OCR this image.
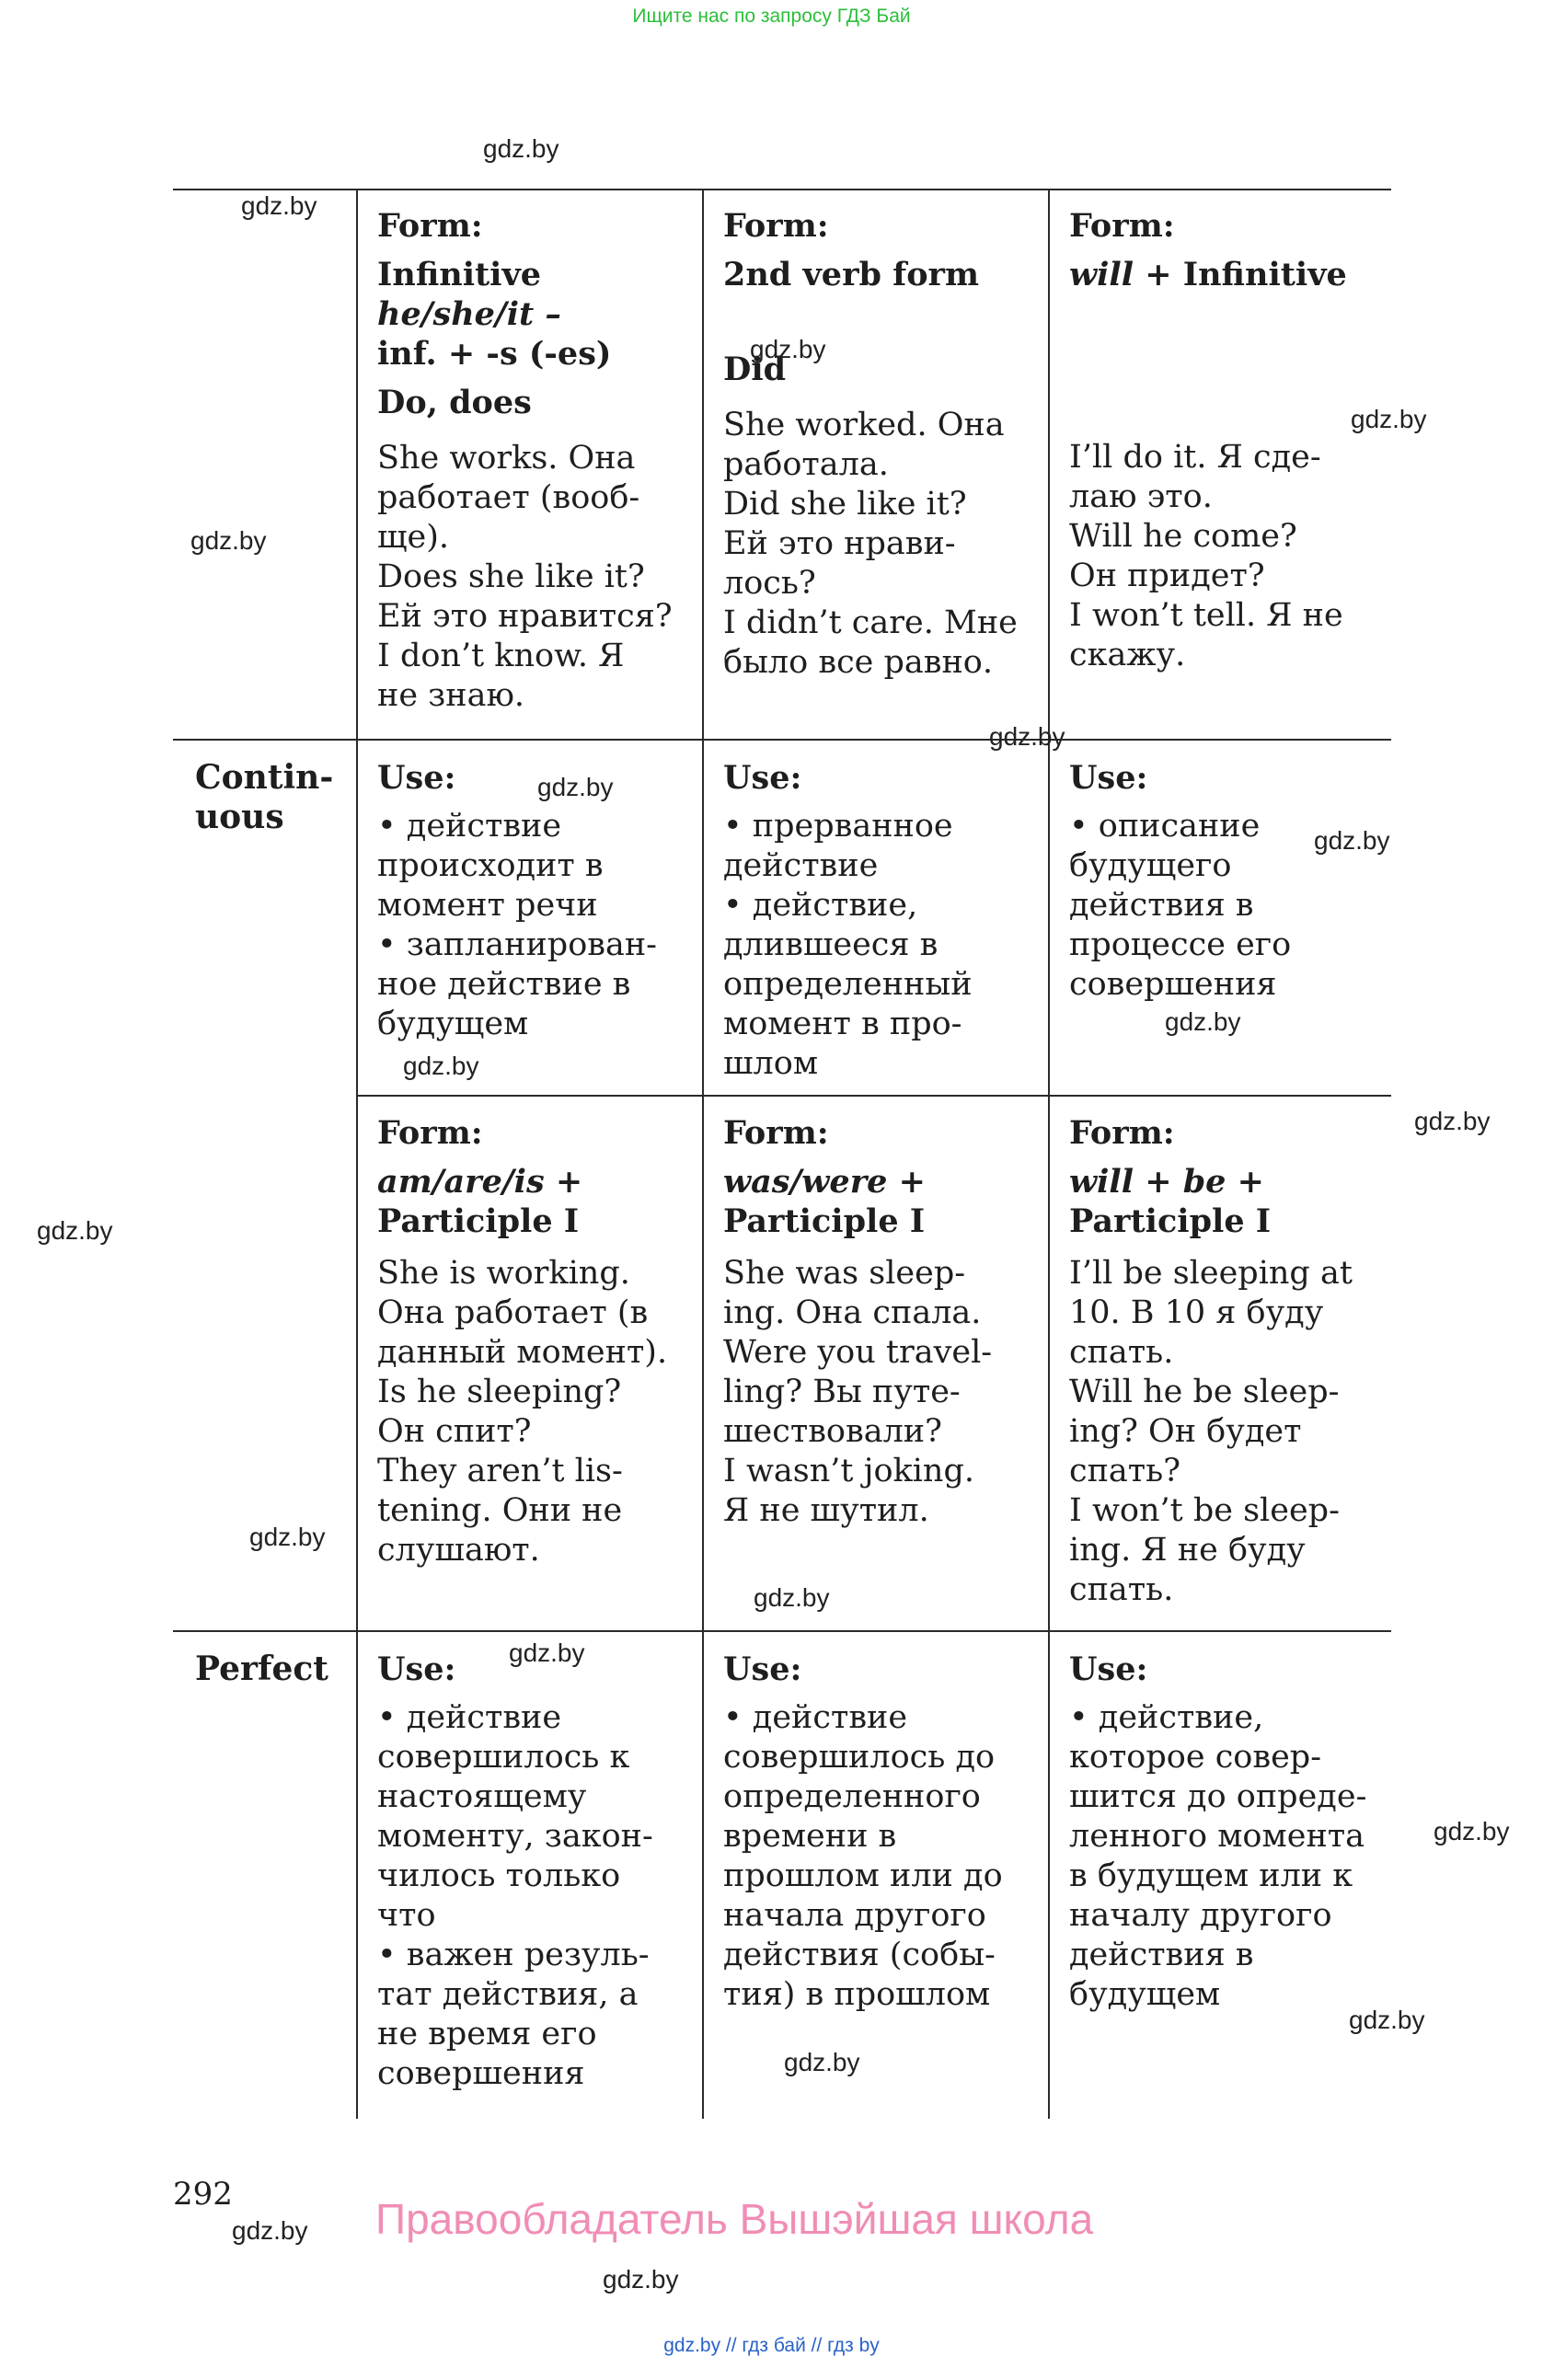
Ищите нас по запросу ГДЗ Бай
gdz.by // гдз бай // гдз by
Form:
Infinitive
he/she/it –
inf. + -s (-es)
Do, does
She works. Она
работает (вооб-
ще).
Does she like it?
Ей это нравится?
I don’t know. Я
не знаю.
Form:
2nd verb form
Did
She worked. Она
работала.
Did she like it?
Ей это нрави-
лось?
I didn’t care. Мне
было все равно.
Form:
will + Infinitive
I’ll do it. Я сде-
лаю это.
Will he come?
Он придет?
I won’t tell. Я не
скажу.
Contin-
uous
Use:
• действие
происходит в
момент речи
• запланирован-
ное действие в
будущем
Use:
• прерванное
действие
• действие,
длившееся в
определенный
момент в про-
шлом
Use:
• описание
будущего
действия в
процессе его
совершения
Form:
am/are/is +
Participle I
She is working.
Она работает (в
данный момент).
Is he sleeping?
Он спит?
They aren’t lis-
tening. Они не
слушают.
Form:
was/were +
Participle I
She was sleep-
ing. Она спала.
Were you travel-
ling? Вы путе-
шествовали?
I wasn’t joking.
Я не шутил.
Form:
will + be +
Participle I
I’ll be sleeping at
10. В 10 я буду
спать.
Will he be sleep-
ing? Он будет
спать?
I won’t be sleep-
ing. Я не буду
спать.
Perfect Use:
• действие
совершилось к
настоящему
моменту, закон-
чилось только
что
• важен резуль-
тат действия, а
не время его
совершения
Use:
• действие
совершилось до
определенного
времени в
прошлом или до
начала другого
действия (собы-
тия) в прошлом
Use:
• действие,
которое совер-
шится до опреде-
ленного момента
в будущем или к
началу другого
действия в
будущем
292
Правообладатель Вышэйшая школа
gdz.by
gdz.by
gdz.by
gdz.by
gdz.by
gdz.by
gdz.by
gdz.by
gdz.by
gdz.by
gdz.by
gdz.by
gdz.by
gdz.by
gdz.by
gdz.by
gdz.by
gdz.by
gdz.by
gdz.by
